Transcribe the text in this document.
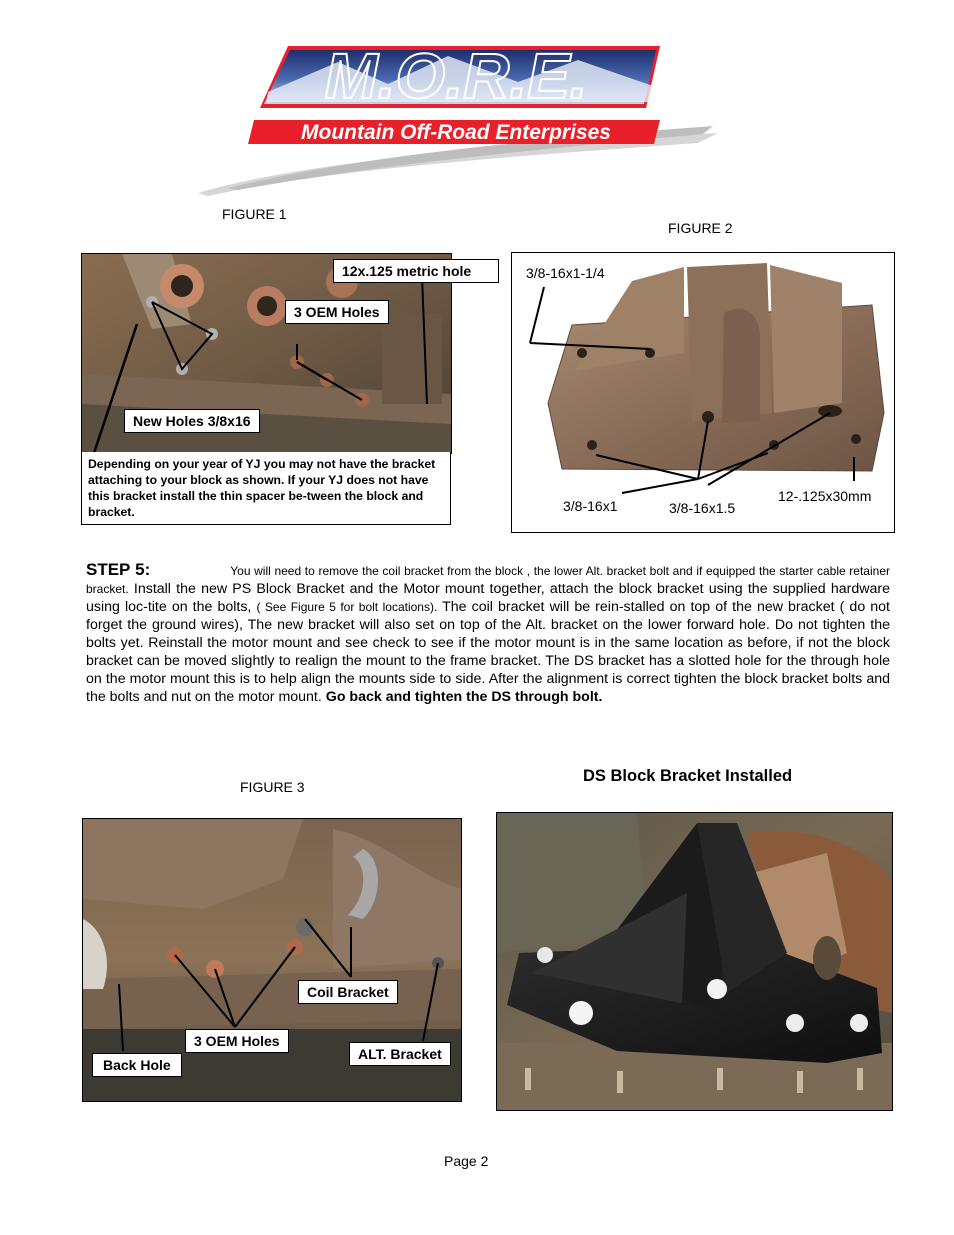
M.O.R.E.
Mountain Off-Road Enterprises
FIGURE 1
12x.125 metric hole
3 OEM Holes
New Holes 3/8x16
Depending on your year of YJ you may not have the bracket attaching to your block as shown. If your YJ does not have this bracket install the thin spacer be-tween the block and bracket.
FIGURE 2
3/8-16x1-1/4
3/8-16x1	3/8-16x1.5
12-.125x30mm
STEP 5:	You will need to remove the coil bracket from the block , the lower Alt. bracket bolt and if equipped the starter cable retainer bracket. Install the new PS Block Bracket and the Motor mount together, attach the block bracket using the supplied hardware using loc-tite on the bolts, ( See Figure 5 for bolt locations). The coil bracket will be rein-stalled on top of the new bracket ( do not forget the ground wires), The new bracket will also set on top of the Alt. bracket on the lower forward hole. Do not tighten the bolts yet. Reinstall the motor mount and see check to see if the motor mount is in the same location as before, if not the block bracket can be moved slightly to realign the mount to the frame bracket. The DS bracket has a slotted hole for the through hole on the motor mount this is to help align the mounts side to side. After the alignment is correct tighten the block bracket bolts and the bolts and nut on the motor mount. Go back and tighten the DS through bolt.
FIGURE 3
Coil Bracket
3 OEM Holes
ALT. Bracket
Back Hole
DS Block Bracket Installed
Page 2
